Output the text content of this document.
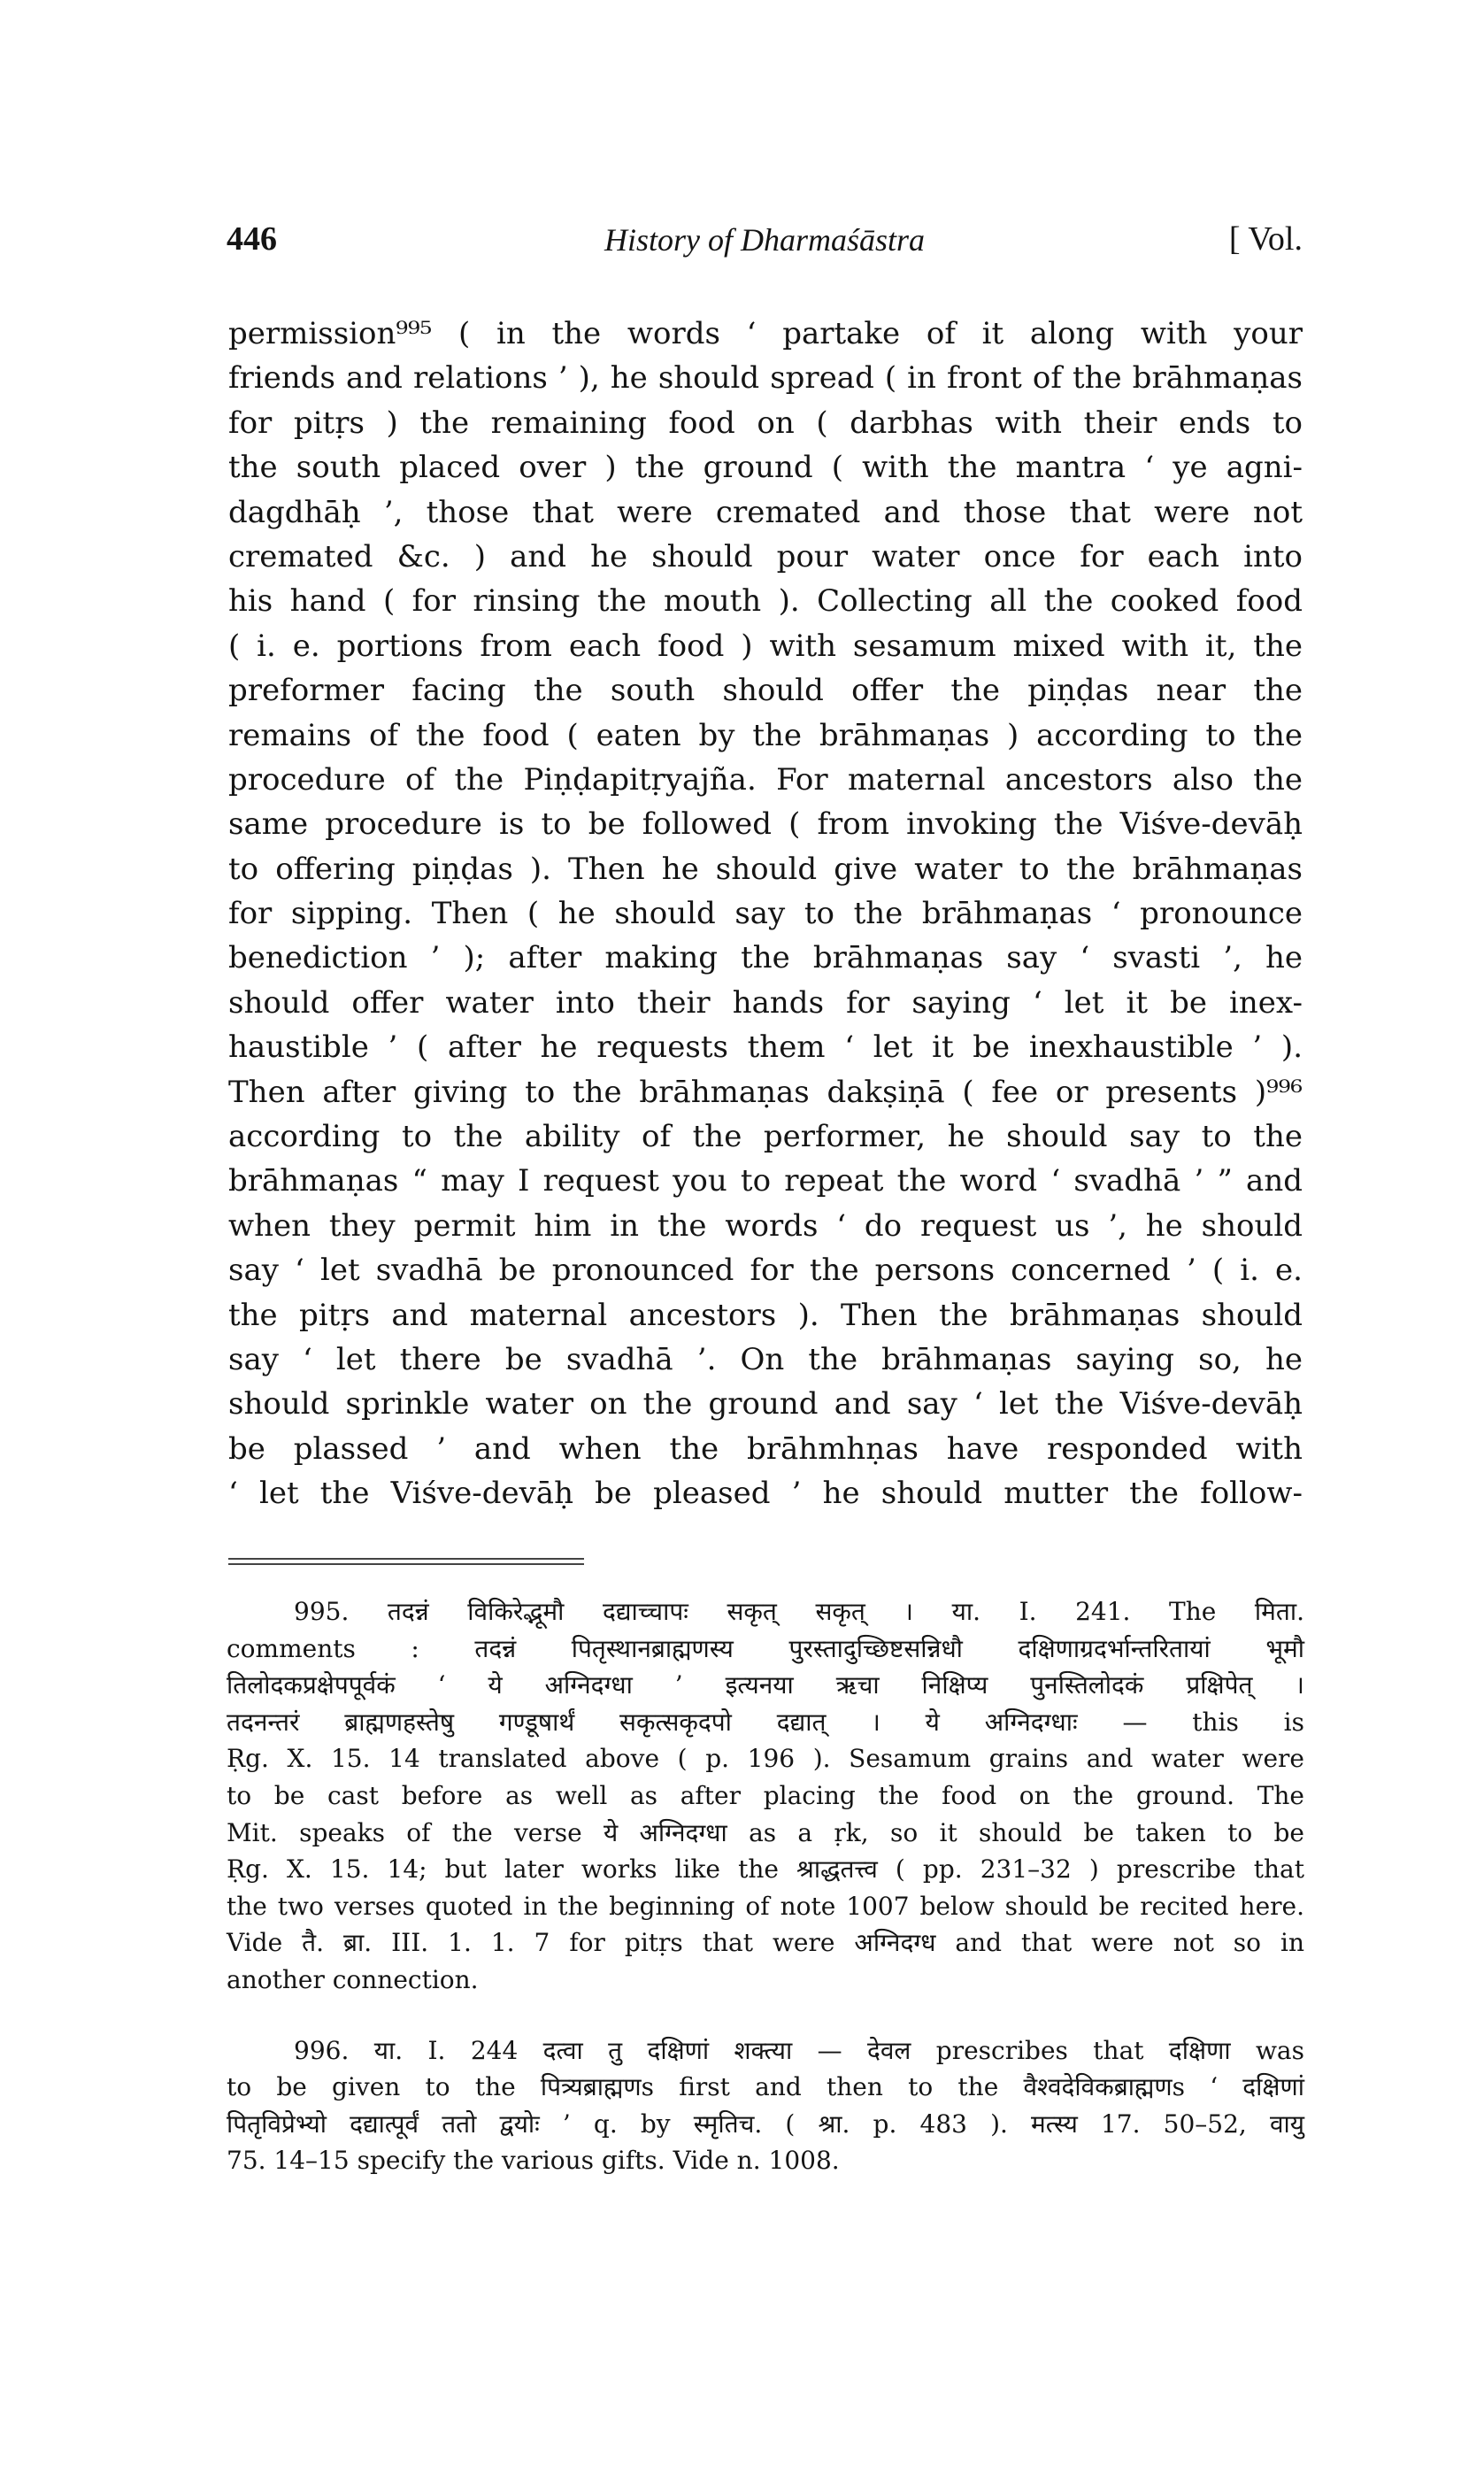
446	History of Dharmaśāstra	[ Vol.
permission⁹⁹⁵ ( in the words ‘ partake of it along with your
friends and relations ’ ), he should spread ( in front of the brāhmaṇas
for pitṛs ) the remaining food on ( darbhas with their ends to
the south placed over ) the ground ( with the mantra ‘ ye agni-
dagdhāḥ ’, those that were cremated and those that were not
cremated &c. ) and he should pour water once for each into
his hand ( for rinsing the mouth ). Collecting all the cooked food
( i. e. portions from each food ) with sesamum mixed with it, the
preformer facing the south should offer the piṇḍas near the
remains of the food ( eaten by the brāhmaṇas ) according to the
procedure of the Piṇḍapitṛyajña. For maternal ancestors also the
same procedure is to be followed ( from invoking the Viśve-devāḥ
to offering piṇḍas ). Then he should give water to the brāhmaṇas
for sipping. Then ( he should say to the brāhmaṇas ‘ pronounce
benediction ’ ); after making the brāhmaṇas say ‘ svasti ’, he
should offer water into their hands for saying ‘ let it be inex-
haustible ’ ( after he requests them ‘ let it be inexhaustible ’ ).
Then after giving to the brāhmaṇas dakṣiṇā ( fee or presents )⁹⁹⁶
according to the ability of the performer, he should say to the
brāhmaṇas “ may I request you to repeat the word ‘ svadhā ’ ” and
when they permit him in the words ‘ do request us ’, he should
say ‘ let svadhā be pronounced for the persons concerned ’ ( i. e.
the pitṛs and maternal ancestors ). Then the brāhmaṇas should
say ‘ let there be svadhā ’. On the brāhmaṇas saying so, he
should sprinkle water on the ground and say ‘ let the Viśve-devāḥ
be plassed ’ and when the brāhmhṇas have responded with
‘ let the Viśve-devāḥ be pleased ’ he should mutter the follow-
995. तदन्नं विकिरेद्भूमौ दद्याच्चापः सकृत् सकृत् । या. I. 241. The मिता.
comments : तदन्नं पितृस्थानब्राह्मणस्य पुरस्तादुच्छिष्टसन्निधौ दक्षिणाग्रदर्भान्तरितायां भूमौ
तिलोदकप्रक्षेपपूर्वकं ‘ ये अग्निदग्धा ’ इत्यनया ऋचा निक्षिप्य पुनस्तिलोदकं प्रक्षिपेत् ।
तदनन्तरं ब्राह्मणहस्तेषु गण्डूषार्थं सकृत्सकृदपो दद्यात् । ये अग्निदग्धाः — this is
Ṛg. X. 15. 14 translated above ( p. 196 ). Sesamum grains and water were
to be cast before as well as after placing the food on the ground. The
Mit. speaks of the verse ये अग्निदग्धा as a ṛk, so it should be taken to be
Ṛg. X. 15. 14; but later works like the श्राद्धतत्त्व ( pp. 231–32 ) prescribe that
the two verses quoted in the beginning of note 1007 below should be recited here.
Vide तै. ब्रा. III. 1. 1. 7 for pitṛs that were अग्निदग्ध and that were not so in
another connection.
996. या. I. 244 दत्वा तु दक्षिणां शक्त्या — देवल prescribes that दक्षिणा was
to be given to the पित्र्यब्राह्मणs first and then to the वैश्वदेविकब्राह्मणs ‘ दक्षिणां
पितृविप्रेभ्यो दद्यात्पूर्वं ततो द्वयोः ’ q. by स्मृतिच. ( श्रा. p. 483 ). मत्स्य 17. 50–52, वायु
75. 14–15 specify the various gifts. Vide n. 1008.
